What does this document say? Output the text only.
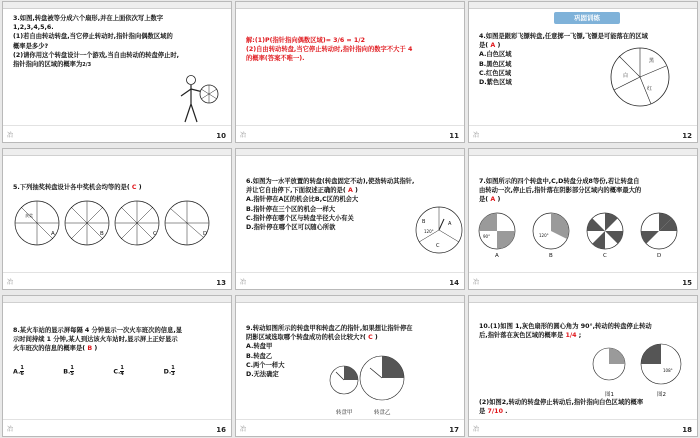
3.如图,转盘被等分成六个扇形,并在上面依次写上数字
1,2,3,4,5,6.
(1)若自由转动转盘,当它停止转动时,指针指向偶数区域的
概率是多少?
(2)请你用这个转盘设计一个游戏,当自由转动的转盘停止时,
指针指向的区域的概率为2/3
冶	10
解:(1)P(指针指向偶数区域)= 3/6 = 1/2
(2)自由转动转盘,当它停止转动时,指针指向的数字不大于 4
的概率(答案不唯一).
冶	11
巩固训练
4.如图是跟彩飞镖转盘,任意掷一飞镖,飞镖是可能落在的区域
是( A )
A.白色区域
B.黑色区域
C.红色区域
D.紫色区域
白
黑
红
冶	12
5.下列抽奖转盘设计各中奖机会均等的是( C )
获奖
A	B	C	D
冶	13
6.如图为一水平放置的转盘(转盘固定不动),使劲转动其指针,
并让它自由停下,下面叙述正确的是( A )
A.指针停在A区的机会比B,C区的机会大
B.指针停在三个区的机会一样大
C.指针停在哪个区与转盘半径大小有关
D.指针停在哪个区可以随心所欲
A
B
C
120°
冶	14
7.如图所示的四个转盘中,C,D转盘分成8等份,若让转盘自
由转动一次,停止后,指针落在阴影部分区域内的概率最大的
是( A )
90°	120°
A	B	C	D
冶	15
8.某火车站的显示屏每隔 4 分钟显示一次火车班次的信息,显
示时间持续 1 分钟,某人到达该火车站时,显示屏上正好显示
火车班次的信息的概率是( B )
A. $\frac{1}{6}$	B. $\frac{1}{5}$	C. $\frac{1}{4}$	D. $\frac{1}{3}$
冶	16
9.转动如图所示的转盘甲和转盘乙的指针,如果想让指针停在
阴影区域选取哪个转盘成功的机会比较大?( C )
A.转盘甲
B.转盘乙
C.两个一样大
D.无法确定
转盘甲	转盘乙
冶	17
10.(1)如图 1,灰色扇形的圆心角为 90°,转动的转盘停止转动
后,指针落在灰色区域的概率是 1/4 ;
108°
图1	图2
(2)如图2,转动的转盘停止转动后,指针指向白色区域的概率
是 7/10 .
冶	18
